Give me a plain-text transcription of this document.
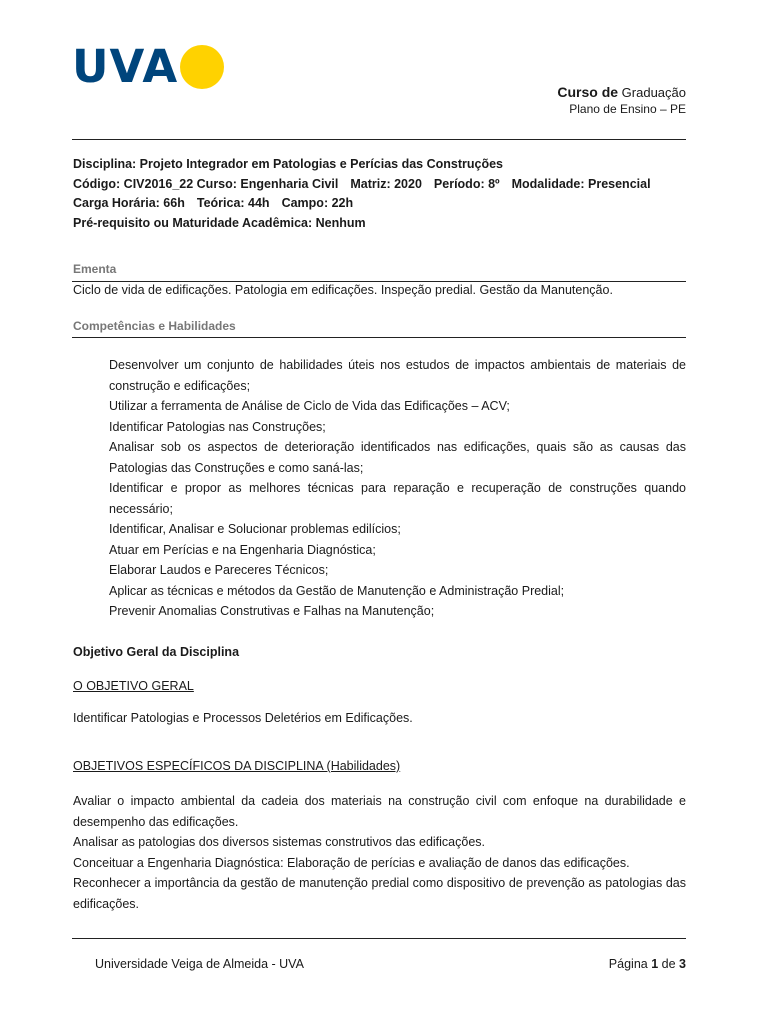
UVA	Curso de Graduação
Plano de Ensino – PE
Disciplina: Projeto Integrador em Patologias e Perícias das Construções
Código: CIV2016_22 Curso: Engenharia Civil Matriz: 2020 Período: 8º Modalidade: Presencial
Carga Horária: 66h Teórica: 44h Campo: 22h
Pré-requisito ou Maturidade Acadêmica: Nenhum
Ementa
Ciclo de vida de edificações. Patologia em edificações. Inspeção predial. Gestão da Manutenção.
Competências e Habilidades
Desenvolver um conjunto de habilidades úteis nos estudos de impactos ambientais de materiais de construção e edificações;
Utilizar a ferramenta de Análise de Ciclo de Vida das Edificações – ACV;
Identificar Patologias nas Construções;
Analisar sob os aspectos de deterioração identificados nas edificações, quais são as causas das Patologias das Construções e como saná-las;
Identificar e propor as melhores técnicas para reparação e recuperação de construções quando necessário;
Identificar, Analisar e Solucionar problemas edilícios;
Atuar em Perícias e na Engenharia Diagnóstica;
Elaborar Laudos e Pareceres Técnicos;
Aplicar as técnicas e métodos da Gestão de Manutenção e Administração Predial;
Prevenir Anomalias Construtivas e Falhas na Manutenção;
Objetivo Geral da Disciplina
O OBJETIVO GERAL
Identificar Patologias e Processos Deletérios em Edificações.
OBJETIVOS ESPECÍFICOS DA DISCIPLINA (Habilidades)
Avaliar o impacto ambiental da cadeia dos materiais na construção civil com enfoque na durabilidade e desempenho das edificações.
Analisar as patologias dos diversos sistemas construtivos das edificações.
Conceituar a Engenharia Diagnóstica: Elaboração de perícias e avaliação de danos das edificações.
Reconhecer a importância da gestão de manutenção predial como dispositivo de prevenção as patologias das edificações.
Universidade Veiga de Almeida - UVA	Página 1 de 3
